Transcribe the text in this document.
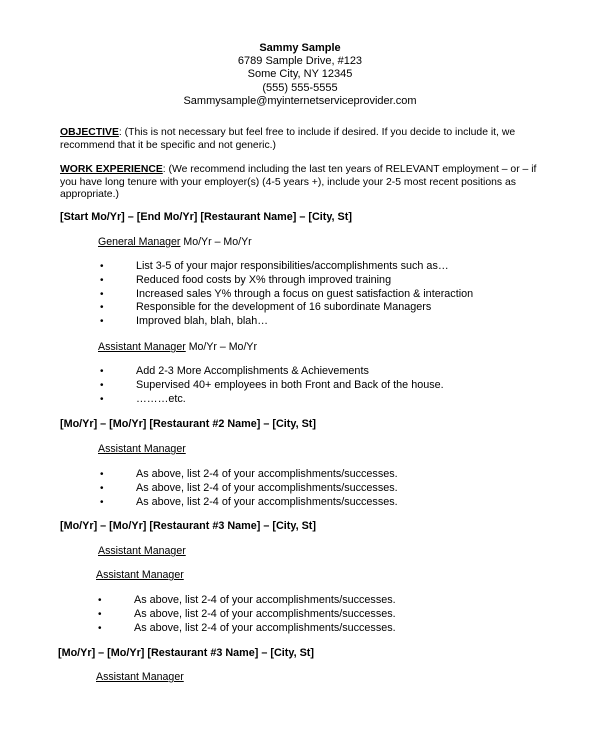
Sammy Sample
6789 Sample Drive, #123
Some City, NY 12345
(555) 555-5555
Sammysample@myinternetserviceprovider.com
OBJECTIVE: (This is not necessary but feel free to include if desired. If you decide to include it, we recommend that it be specific and not generic.)
WORK EXPERIENCE: (We recommend including the last ten years of RELEVANT employment – or – if you have long tenure with your employer(s) (4-5 years +), include your 2-5 most recent positions as appropriate.)
[Start Mo/Yr] – [End Mo/Yr] [Restaurant Name] – [City, St]
General Manager Mo/Yr – Mo/Yr
•	List 3-5 of your major responsibilities/accomplishments such as…
•	Reduced food costs by X% through improved training
•	Increased sales Y% through a focus on guest satisfaction & interaction
•	Responsible for the development of 16 subordinate Managers
•	Improved blah, blah, blah…
Assistant Manager Mo/Yr – Mo/Yr
•	Add 2-3 More Accomplishments & Achievements
•	Supervised 40+ employees in both Front and Back of the house.
•	………etc.
[Mo/Yr] – [Mo/Yr] [Restaurant #2 Name] – [City, St]
Assistant Manager
•	As above, list 2-4 of your accomplishments/successes.
•	As above, list 2-4 of your accomplishments/successes.
•	As above, list 2-4 of your accomplishments/successes.
[Mo/Yr] – [Mo/Yr] [Restaurant #3 Name] – [City, St]
Assistant Manager
Assistant Manager
•	As above, list 2-4 of your accomplishments/successes.
•	As above, list 2-4 of your accomplishments/successes.
•	As above, list 2-4 of your accomplishments/successes.
[Mo/Yr] – [Mo/Yr] [Restaurant #3 Name] – [City, St]
Assistant Manager
